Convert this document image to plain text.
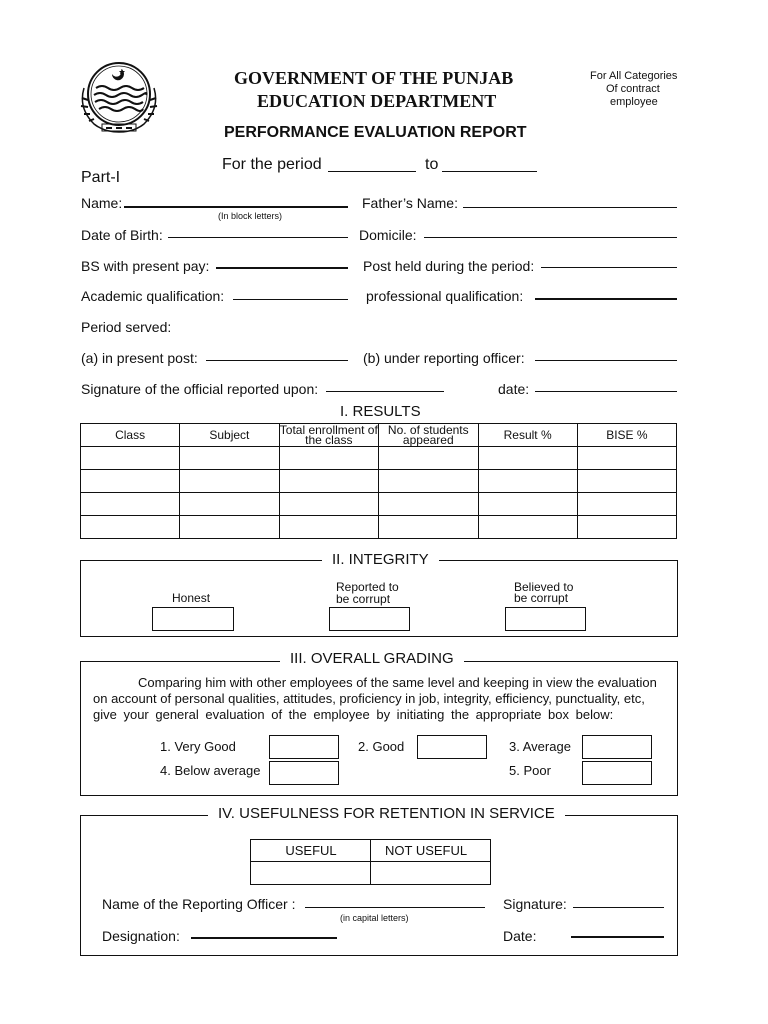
GOVERNMENT OF THE PUNJAB
EDUCATION DEPARTMENT
PERFORMANCE EVALUATION REPORT
For All Categories
Of contract
employee
For the period	to
Part-I
Name:
(In block letters)
Father’s Name:
Date of Birth:	Domicile:
BS with present pay:	Post held during the period:
Academic qualification:	professional qualification:
Period served:
(a) in present post:	(b) under reporting officer:
Signature of the official reported upon:	date:
I. RESULTS
Class	Subject	Total enrollment of the class	No. of students appeared	Result %	BISE %

II. INTEGRITY
Honest
Reported to
be corrupt
Believed to
be corrupt
III. OVERALL GRADING
Comparing him with other employees of the same level and keeping in view the evaluation
on account of personal qualities, attitudes, proficiency in job, integrity, efficiency, punctuality, etc,
give your general evaluation of the employee by initiating the appropriate box below:
1. Very Good	2. Good	3. Average
4. Below average	5. Poor
IV. USEFULNESS FOR RETENTION IN SERVICE
USEFUL	NOT USEFUL
Name of the Reporting Officer :
(in capital letters)
Signature:
Designation:	Date:
